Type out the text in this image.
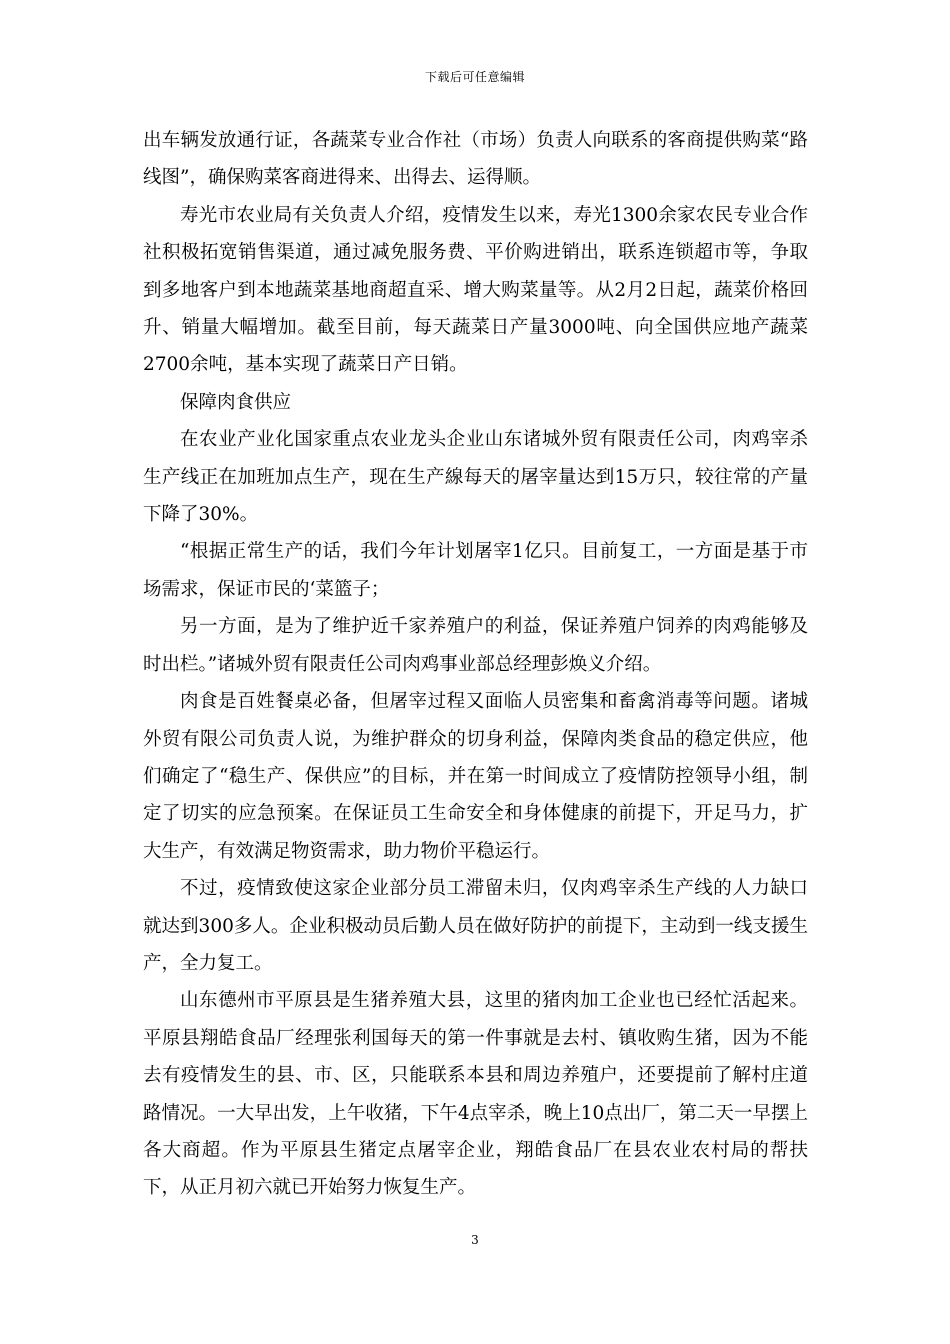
下载后可任意编辑

出车辆发放通行证，各蔬菜专业合作社（市场）负责人向联系的客商提供购菜“路线图”，确保购菜客商进得来、出得去、运得顺。

寿光市农业局有关负责人介绍，疫情发生以来，寿光1300余家农民专业合作社积极拓宽销售渠道，通过减免服务费、平价购进销出，联系连锁超市等，争取到多地客户到本地蔬菜基地商超直采、增大购菜量等。从2月2日起，蔬菜价格回升、销量大幅增加。截至目前，每天蔬菜日产量3000吨、向全国供应地产蔬菜2700余吨，基本实现了蔬菜日产日销。

保障肉食供应

在农业产业化国家重点农业龙头企业山东诸城外贸有限责任公司，肉鸡宰杀生产线正在加班加点生产，现在生产線每天的屠宰量达到15万只，较往常的产量下降了30%。

“根据正常生产的话，我们今年计划屠宰1亿只。目前复工，一方面是基于市场需求，保证市民的‘菜篮子；

另一方面，是为了维护近千家养殖户的利益，保证养殖户饲养的肉鸡能够及时出栏。”诸城外贸有限责任公司肉鸡事业部总经理彭焕义介绍。

肉食是百姓餐桌必备，但屠宰过程又面临人员密集和畜禽消毒等问题。诸城外贸有限公司负责人说，为维护群众的切身利益，保障肉类食品的稳定供应，他们确定了“稳生产、保供应”的目标，并在第一时间成立了疫情防控领导小组，制定了切实的应急预案。在保证员工生命安全和身体健康的前提下，开足马力，扩大生产，有效满足物资需求，助力物价平稳运行。

不过，疫情致使这家企业部分员工滞留未归，仅肉鸡宰杀生产线的人力缺口就达到300多人。企业积极动员后勤人员在做好防护的前提下，主动到一线支援生产，全力复工。

山东德州市平原县是生猪养殖大县，这里的猪肉加工企业也已经忙活起来。平原县翔皓食品厂经理张利国每天的第一件事就是去村、镇收购生猪，因为不能去有疫情发生的县、市、区，只能联系本县和周边养殖户，还要提前了解村庄道路情况。一大早出发，上午收猪，下午4点宰杀，晚上10点出厂，第二天一早摆上各大商超。作为平原县生猪定点屠宰企业，翔皓食品厂在县农业农村局的帮扶下，从正月初六就已开始努力恢复生产。

3
